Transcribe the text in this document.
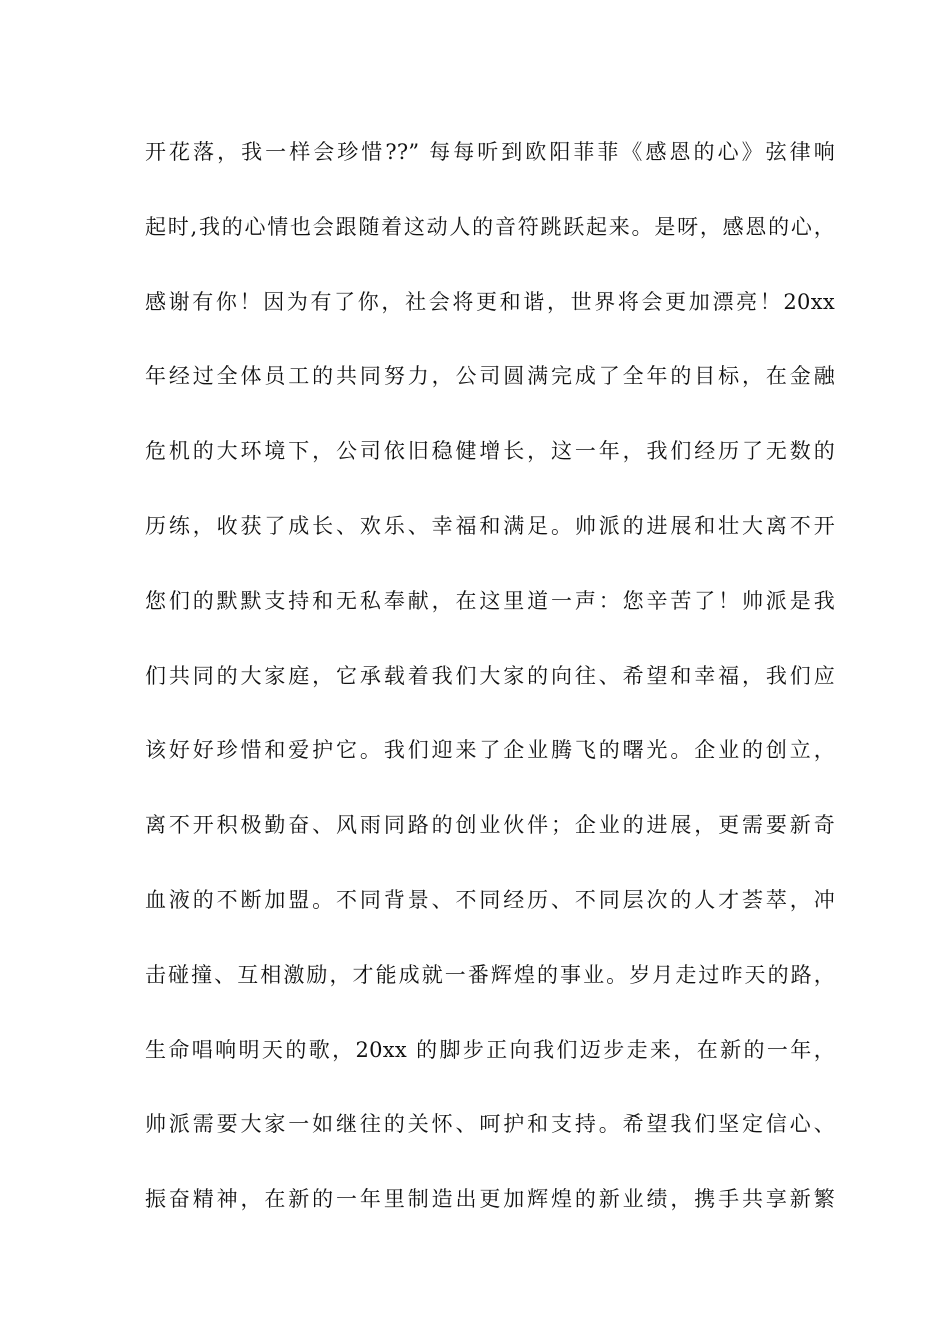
开花落，我一样会珍惜??” 每每听到欧阳菲菲《感恩的心》弦律响
起时,我的心情也会跟随着这动人的音符跳跃起来。是呀，感恩的心，
感谢有你！因为有了你，社会将更和谐，世界将会更加漂亮！20xx
年经过全体员工的共同努力，公司圆满完成了全年的目标，在金融
危机的大环境下，公司依旧稳健增长，这一年，我们经历了无数的
历练，收获了成长、欢乐、幸福和满足。帅派的进展和壮大离不开
您们的默默支持和无私奉献，在这里道一声：您辛苦了！帅派是我
们共同的大家庭，它承载着我们大家的向往、希望和幸福，我们应
该好好珍惜和爱护它。我们迎来了企业腾飞的曙光。企业的创立，
离不开积极勤奋、风雨同路的创业伙伴；企业的进展，更需要新奇
血液的不断加盟。不同背景、不同经历、不同层次的人才荟萃，冲
击碰撞、互相激励，才能成就一番辉煌的事业。岁月走过昨天的路，
生命唱响明天的歌，20xx 的脚步正向我们迈步走来，在新的一年，
帅派需要大家一如继往的关怀、呵护和支持。希望我们坚定信心、
振奋精神，在新的一年里制造出更加辉煌的新业绩，携手共享新繁
